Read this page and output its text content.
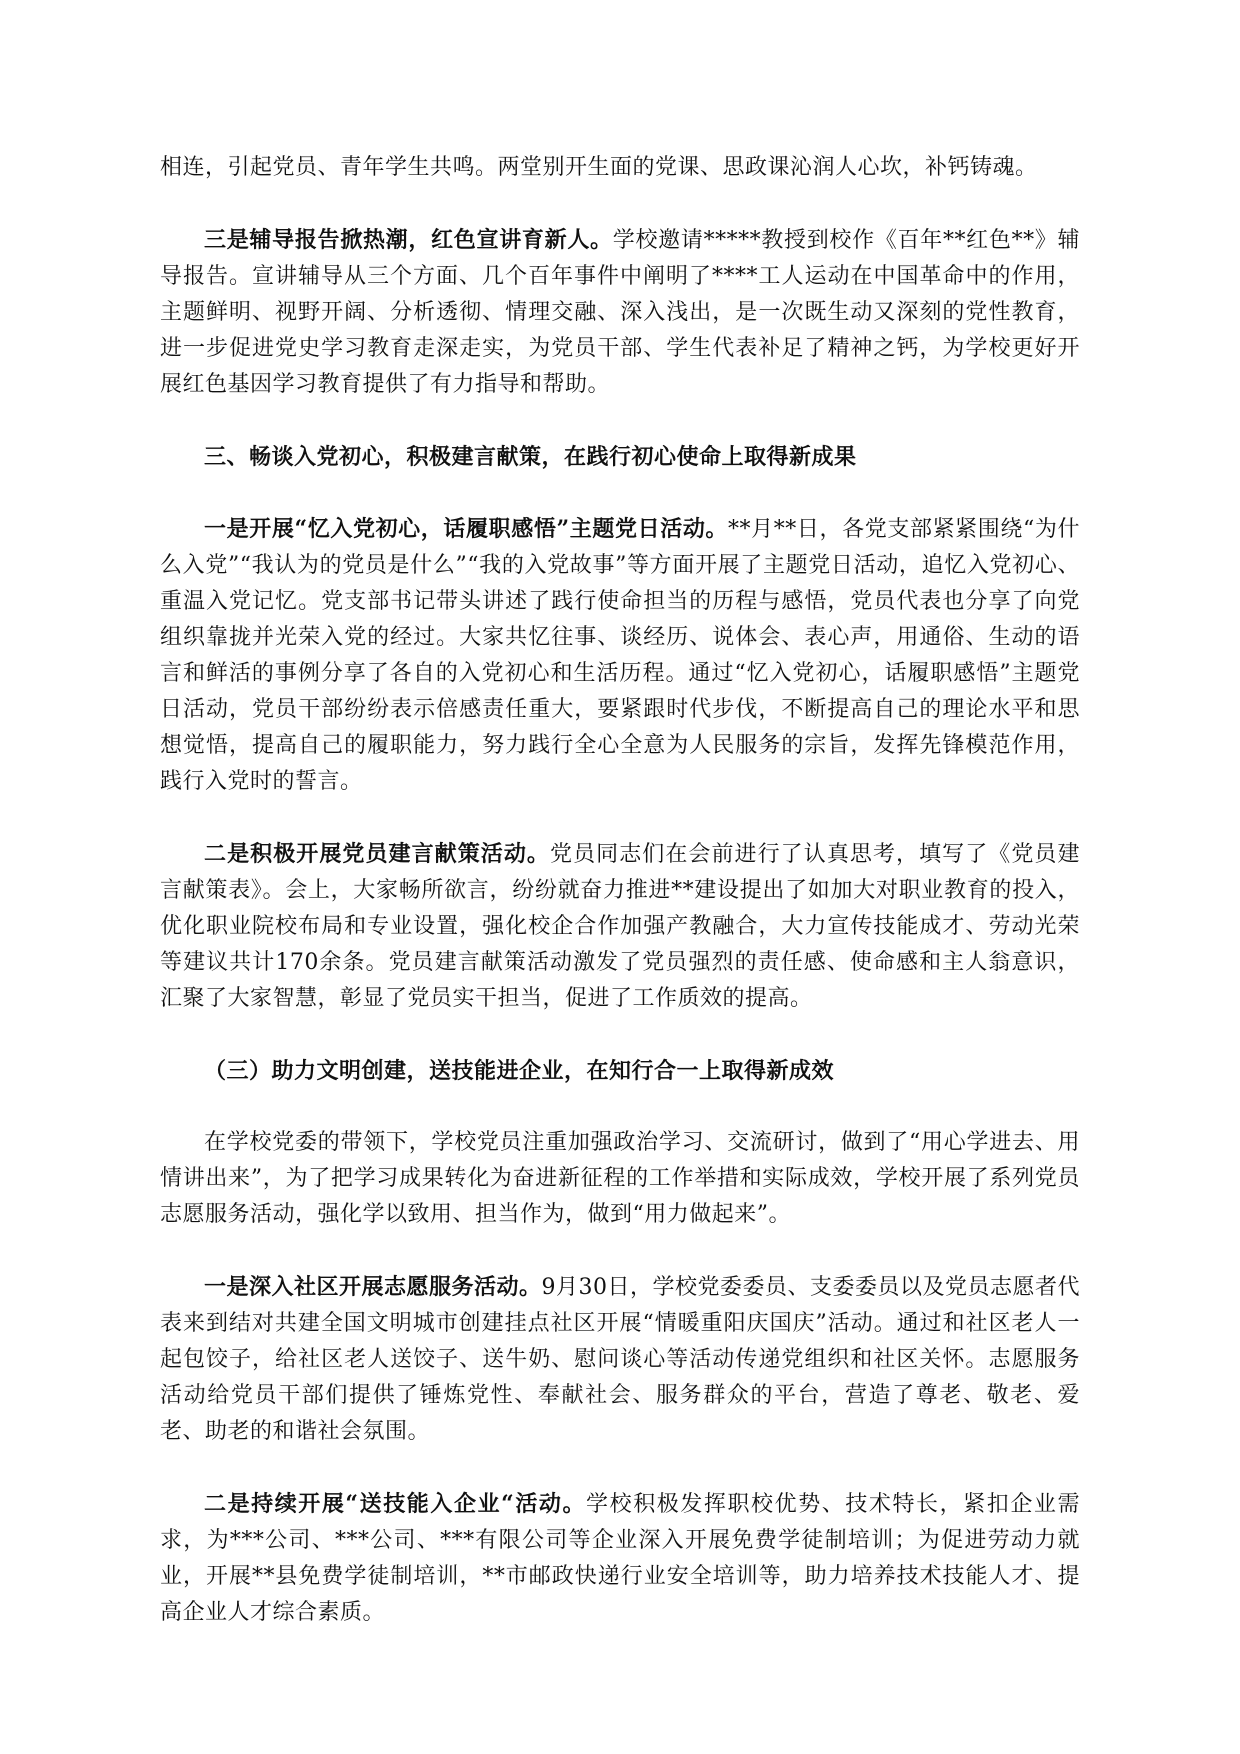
相连，引起党员、青年学生共鸣。两堂别开生面的党课、思政课沁润人心坎，补钙铸魂。

三是辅导报告掀热潮，红色宣讲育新人。学校邀请*****教授到校作《百年**红色**》辅导报告。宣讲辅导从三个方面、几个百年事件中阐明了****工人运动在中国革命中的作用，主题鲜明、视野开阔、分析透彻、情理交融、深入浅出，是一次既生动又深刻的党性教育，进一步促进党史学习教育走深走实，为党员干部、学生代表补足了精神之钙，为学校更好开展红色基因学习教育提供了有力指导和帮助。

三、畅谈入党初心，积极建言献策，在践行初心使命上取得新成果

一是开展“忆入党初心，话履职感悟”主题党日活动。**月**日，各党支部紧紧围绕“为什么入党”“我认为的党员是什么”“我的入党故事”等方面开展了主题党日活动，追忆入党初心、重温入党记忆。党支部书记带头讲述了践行使命担当的历程与感悟，党员代表也分享了向党组织靠拢并光荣入党的经过。大家共忆往事、谈经历、说体会、表心声，用通俗、生动的语言和鲜活的事例分享了各自的入党初心和生活历程。通过“忆入党初心，话履职感悟”主题党日活动，党员干部纷纷表示倍感责任重大，要紧跟时代步伐，不断提高自己的理论水平和思想觉悟，提高自己的履职能力，努力践行全心全意为人民服务的宗旨，发挥先锋模范作用，践行入党时的誓言。

二是积极开展党员建言献策活动。党员同志们在会前进行了认真思考，填写了《党员建言献策表》。会上，大家畅所欲言，纷纷就奋力推进**建设提出了如加大对职业教育的投入，优化职业院校布局和专业设置，强化校企合作加强产教融合，大力宣传技能成才、劳动光荣等建议共计170余条。党员建言献策活动激发了党员强烈的责任感、使命感和主人翁意识，汇聚了大家智慧，彰显了党员实干担当，促进了工作质效的提高。

（三）助力文明创建，送技能进企业，在知行合一上取得新成效

在学校党委的带领下，学校党员注重加强政治学习、交流研讨，做到了“用心学进去、用情讲出来”，为了把学习成果转化为奋进新征程的工作举措和实际成效，学校开展了系列党员志愿服务活动，强化学以致用、担当作为，做到“用力做起来”。

一是深入社区开展志愿服务活动。9月30日，学校党委委员、支委委员以及党员志愿者代表来到结对共建全国文明城市创建挂点社区开展“情暖重阳庆国庆”活动。通过和社区老人一起包饺子，给社区老人送饺子、送牛奶、慰问谈心等活动传递党组织和社区关怀。志愿服务活动给党员干部们提供了锤炼党性、奉献社会、服务群众的平台，营造了尊老、敬老、爱老、助老的和谐社会氛围。

二是持续开展“送技能入企业“活动。学校积极发挥职校优势、技术特长，紧扣企业需求，为***公司、***公司、***有限公司等企业深入开展免费学徒制培训；为促进劳动力就业，开展**县免费学徒制培训，**市邮政快递行业安全培训等，助力培养技术技能人才、提高企业人才综合素质。
